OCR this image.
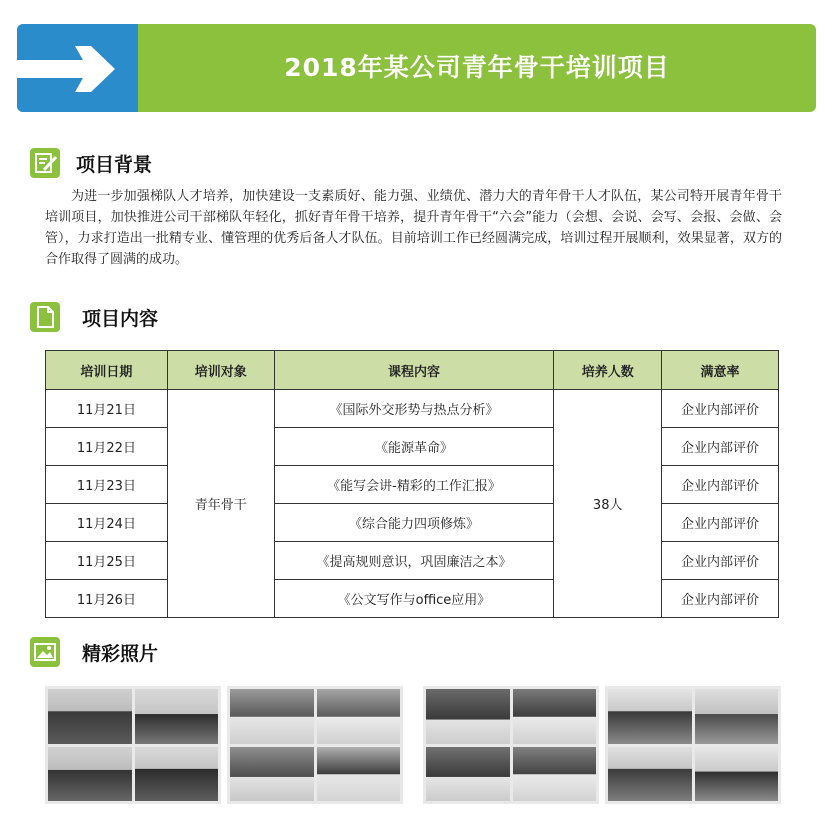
2018年某公司青年骨干培训项目
项目背景
为进一步加强梯队人才培养，加快建设一支素质好、能力强、业绩优、潜力大的青年骨干人才队伍，某公司特开展青年骨干培训项目，加快推进公司干部梯队年轻化，抓好青年骨干培养，提升青年骨干“六会”能力（会想、会说、会写、会报、会做、会管），力求打造出一批精专业、懂管理的优秀后备人才队伍。目前培训工作已经圆满完成，培训过程开展顺利，效果显著，双方的合作取得了圆满的成功。
项目内容
培训日期	培训对象	课程内容	培养人数	满意率
11月21日	青年骨干	《国际外交形势与热点分析》	38人	企业内部评价
11月22日		《能源革命》		企业内部评价
11月23日		《能写会讲-精彩的工作汇报》		企业内部评价
11月24日		《综合能力四项修炼》		企业内部评价
11月25日		《提高规则意识，巩固廉洁之本》		企业内部评价
11月26日		《公文写作与office应用》		企业内部评价
精彩照片
